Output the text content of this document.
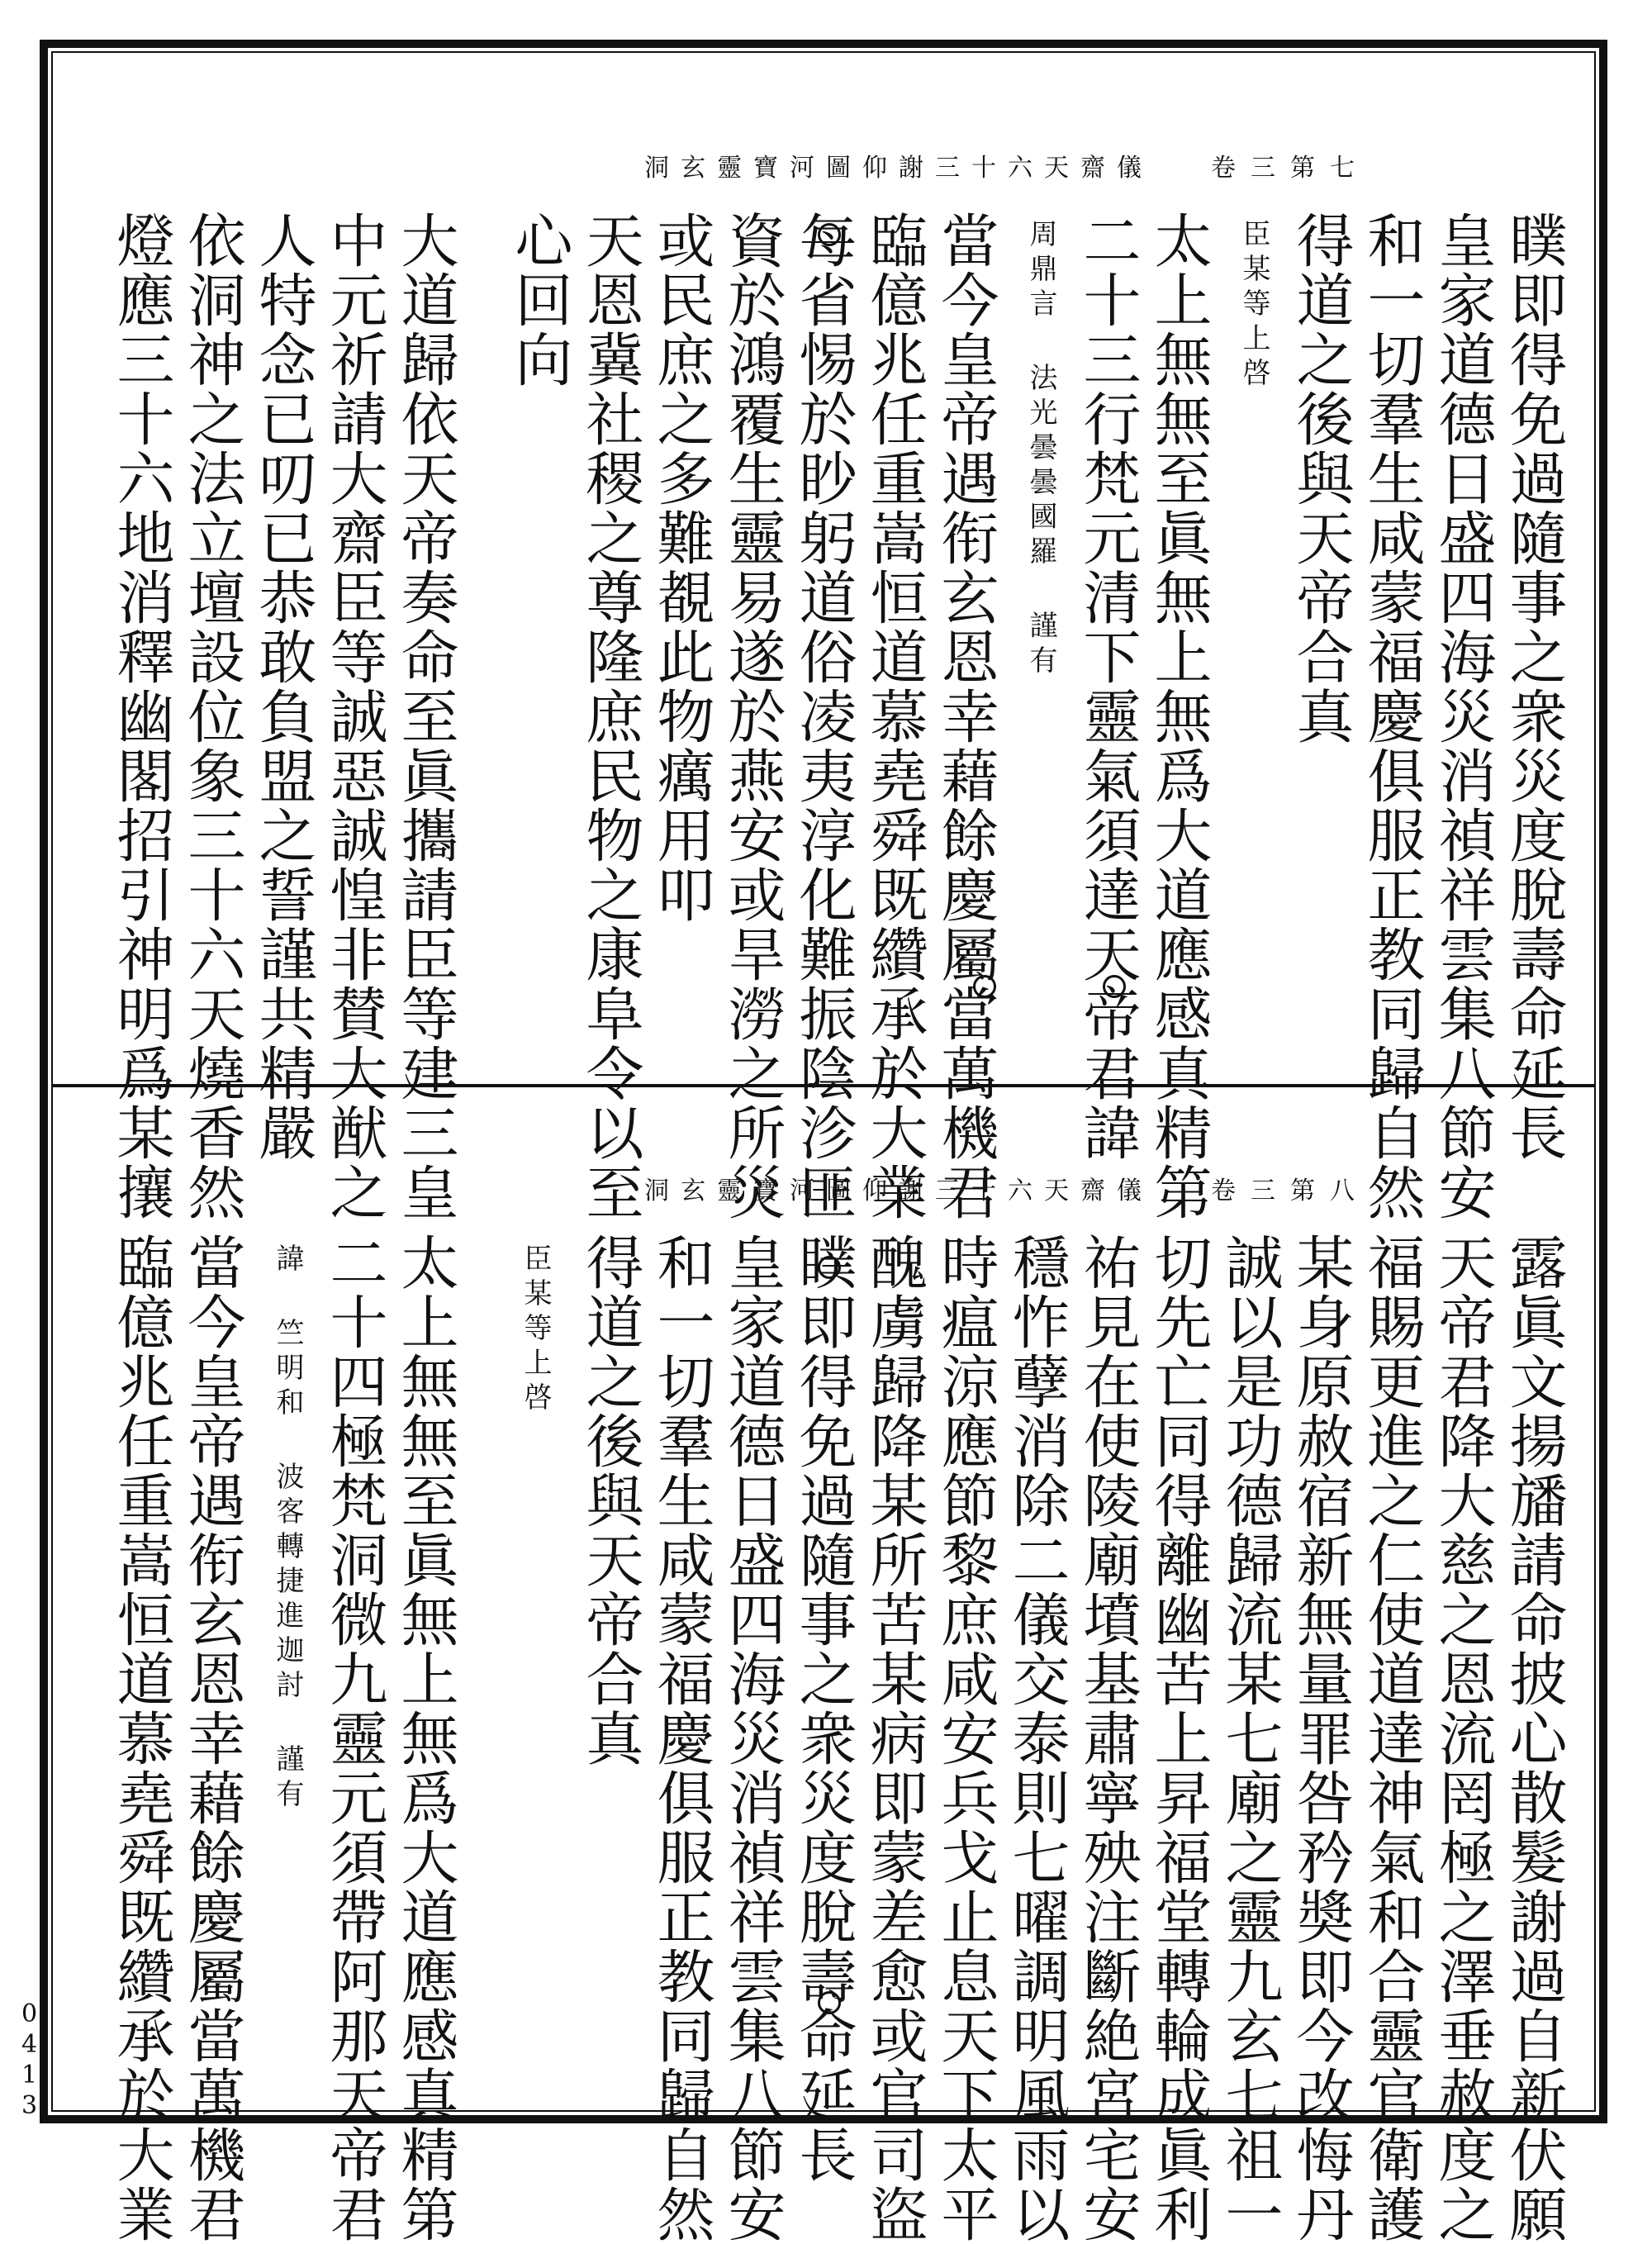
洞玄靈寶河圖仰謝三十六天齋儀 卷三第七
洞玄靈寶河圖仰謝三十六天齋儀 卷三第八
瞨即得免過隨事之衆災度脫壽命延長
皇家道德日盛四海災消禎祥雲集八節安
和一切羣生咸蒙福慶俱服正教同歸自然
得道之後與天帝合真
臣某等上啓
太上無無至眞無上無爲大道應感真精第
二十三行梵元清下靈氣須達天帝君諱
周鼎言 法光曇曇國羅 謹有
當今皇帝遇衔玄恩幸藉餘慶屬當萬機君
臨億兆任重嵩恒道慕堯舜既纘承於大業
每省惕於眇躬道俗凌夷淳化難振陰沴匪
資於鴻覆生靈易遂於燕安或旱澇之所災
或民庶之多難覩此物癘用叩
天恩冀社稷之尊隆庶民物之康阜令以至
心回向
大道歸依天帝奏命至眞攜請臣等建三皇
中元祈請大齋臣等誠惡誠惶非賛大猷之
人特念已叨已恭敢負盟之誓謹共精嚴
依洞神之法立壇設位象三十六天燒香然
燈應三十六地消釋幽閣招引神明爲某攘
露眞文揚旙請命披心散髮謝過自新伏願
天帝君降大慈之恩流罔極之澤垂赦度之
福賜更進之仁使道達神氣和合靈官衛護
某身原赦宿新無量罪咎矜奬即今改悔丹
誠以是功德歸流某七廟之靈九玄七祖一
切先亡同得離幽苦上昇福堂轉輪成眞利
祐見在使陵廟墳基肅寧殃注斷絶宮宅安
穩怍孽消除二儀交泰則七曜調明風雨以
時瘟涼應節黎庶咸安兵戈止息天下太平
醜虜歸降某所苦某病即蒙差愈或官司盜
瞨即得免過隨事之衆災度脫壽命延長
皇家道德日盛四海災消禎祥雲集八節安
和一切羣生咸蒙福慶俱服正教同歸自然
得道之後與天帝合真
臣某等上啓
太上無無至眞無上無爲大道應感真精第
二十四極梵洞微九靈元須帶阿那天帝君
諱 竺明和 波客轉捷進迦討 謹有
當今皇帝遇衔玄恩幸藉餘慶屬當萬機君
臨億兆任重嵩恒道慕堯舜既纘承於大業
0413
